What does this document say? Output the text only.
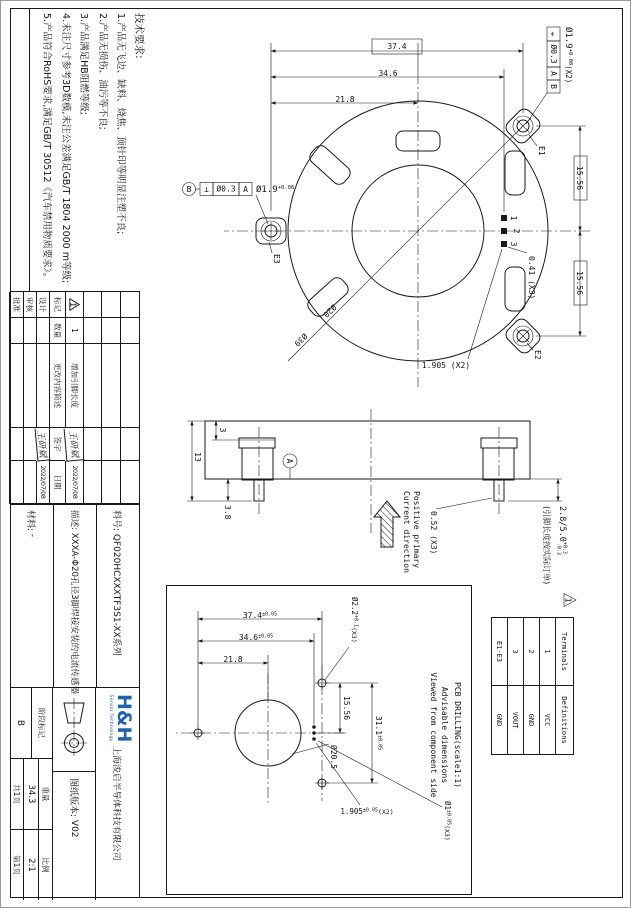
1
2
3
Ø20
Ø39
37.4
34.6
21.8
15.56
15.56
0.41 (X3)
1.905 (X2)
$Ø1.9^{+0.08}(X2)$
⌖
Ø0.3
A
B
E1
E2
E3
B ⊥ Ø0.3 A $Ø1.9^{+0.08}$
13
3
3.8	0.52 (X3)	$2.8/5.0^{+0.3}-0.3$
(引脚长度按实际订单)
1
A
Positive primary
Current direction
PCB DRILLING(scale1:1)
Advisable dimensions
Viewed from component side
$37.4^{\pm 0.05}$
$34.6^{\pm 0.05}$
21.8
15.56
$31.1^{\pm 0.05}$
$1.905^{\pm 0.05}_{(X2)}$
$Ø2.2^{+0.1}_{(X3)}$
Ø20.5
$Ø1^{\pm 0.05}_{(X3)}$
Terminals
Definitions
1
VCC
2
GND
3
VOUT
E1-E3
GND
技术要求:
1.产品无飞边、缺料、烧焦、顶针印等明显注塑不良;
2.产品无损伤、油污等不良;
3.产品满足HB阻燃等级;
4.未注尺寸参考3D数模,未注公差满足GB/T 1804 2000 m等级;
5.产品符合RoHS要求,满足GB/T 30512《汽车禁用物质要求》。
1
1
增加引脚长度
王研斌
2022/07/08
标记
数量
更改内容简述
签字
日期
设计
王研斌
2022/07/08
审核
批准
料号:

QF020HCXXXTF3S1-XX系列
描述:

XXXA-Φ20孔径3脚焊接安装的电流传感器
材料:

-
H&H
Sensor Technology
上海浚启半导体科技有限公司
图纸版本:

V02
阶段标记
B
重量
34.3
共1页
比例
2:1
第1页
